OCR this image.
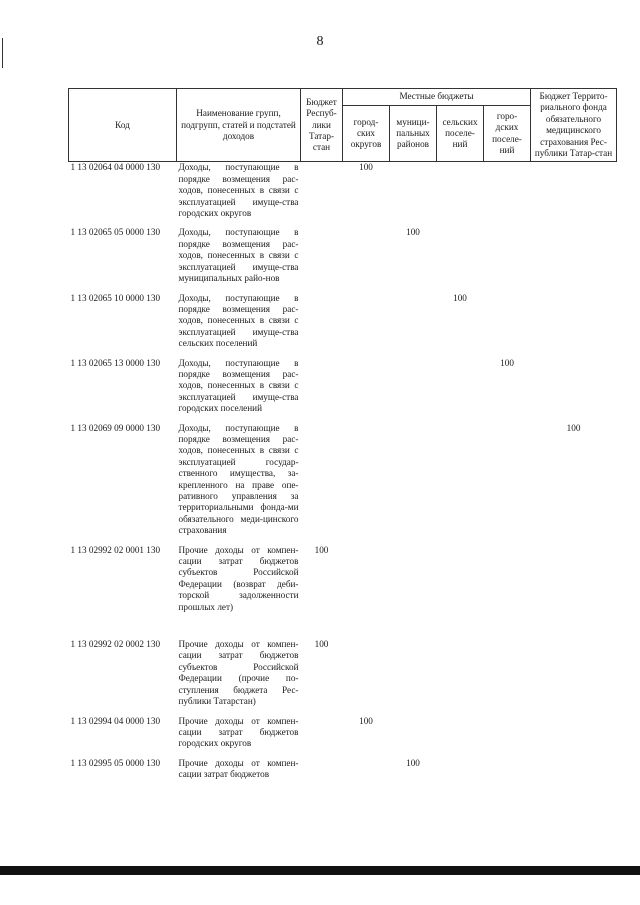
8
Код	Наименование групп, подгрупп, статей и подстатей доходов	Бюджет Респуб-лики Татар-стан	Местные бюджеты				Бюджет Террито-риального фонда обязательного медицинского страхования Рес-публики Татар-стан
			город-ских округов	муници-пальных районов	сельских поселе-ний	горо-дских поселе-ний	
1 13 02064 04 0000 130	Доходы, поступающие в порядке возмещения рас-ходов, понесенных в связи с эксплуатацией имуще-ства городских округов		100				

1 13 02065 05 0000 130	Доходы, поступающие в порядке возмещения рас-ходов, понесенных в связи с эксплуатацией имуще-ства муниципальных райо-нов			100			

1 13 02065 10 0000 130	Доходы, поступающие в порядке возмещения рас-ходов, понесенных в связи с эксплуатацией имуще-ства сельских поселений				100		

1 13 02065 13 0000 130	Доходы, поступающие в порядке возмещения рас-ходов, понесенных в связи с эксплуатацией имуще-ства городских поселений					100	

1 13 02069 09 0000 130	Доходы, поступающие в порядке возмещения рас-ходов, понесенных в связи с эксплуатацией государ-ственного имущества, за-крепленного на праве опе-ративного управления за территориальными фонда-ми обязательного меди-цинского страхования						100

1 13 02992 02 0001 130	Прочие доходы от компен-сации затрат бюджетов субъектов Российской Федерации (возврат деби-торской задолженности прошлых лет)	100					

1 13 02992 02 0002 130	Прочие доходы от компен-сации затрат бюджетов субъектов Российской Федерации (прочие по-ступления бюджета Рес-публики Татарстан)	100					

1 13 02994 04 0000 130	Прочие доходы от компен-сации затрат бюджетов городских округов		100				

1 13 02995 05 0000 130	Прочие доходы от компен-сации затрат бюджетов			100			
